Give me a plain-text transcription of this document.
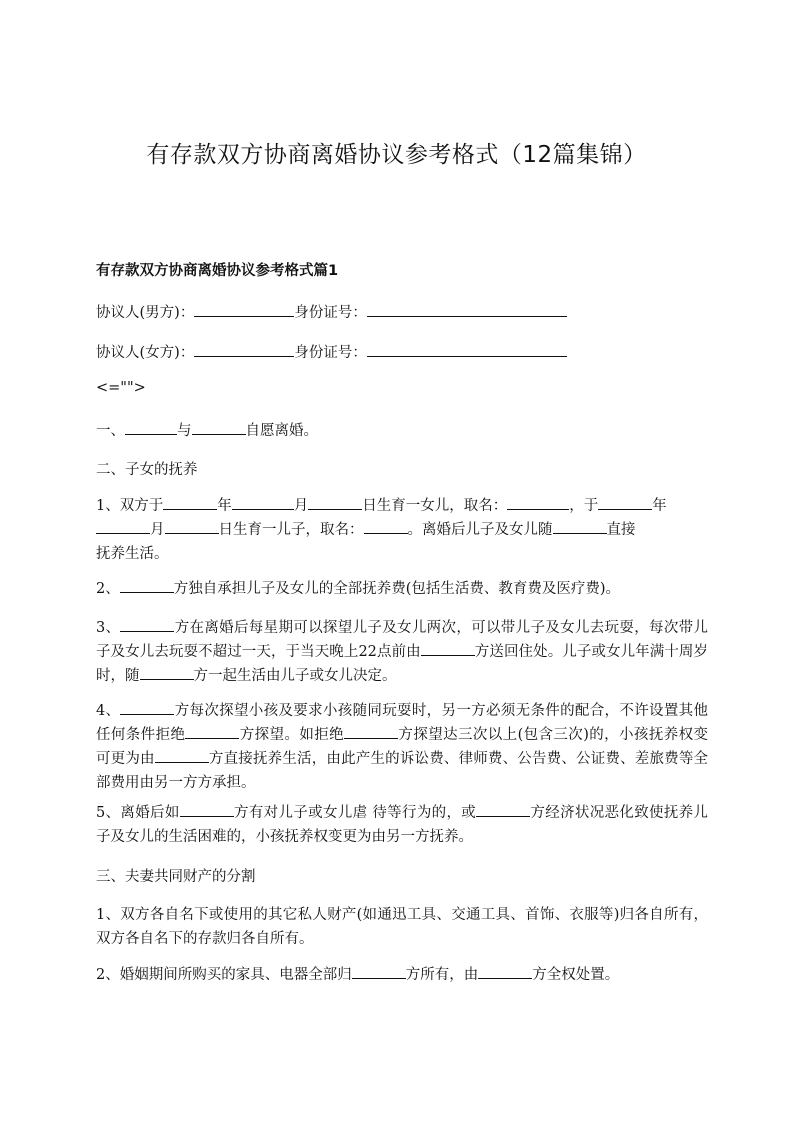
有存款双方协商离婚协议参考格式（12篇集锦）
有存款双方协商离婚协议参考格式篇1
协议人(男方)：	身份证号：
协议人(女方)：	身份证号：
<="">
一、	与	自愿离婚。
二、子女的抚养
1、双方于	年	月	日生育一女儿，取名：	，于	年
月	日生育一儿子，取名：	。离婚后儿子及女儿随	直接
抚养生活。
2、	方独自承担儿子及女儿的全部抚养费(包括生活费、教育费及医疗费)。
3、	方在离婚后每星期可以探望儿子及女儿两次，可以带儿子及女儿去玩耍，每次带儿子及女儿去玩耍不超过一天，于当天晚上22点前由	方送回住处。儿子或女儿年满十周岁时，随	方一起生活由儿子或女儿决定。
4、	方每次探望小孩及要求小孩随同玩耍时，另一方必须无条件的配合，不许设置其他任何条件拒绝	方探望。如拒绝	方探望达三次以上(包含三次)的，小孩抚养权变可更为由	方直接抚养生活，由此产生的诉讼费、律师费、公告费、公证费、差旅费等全部费用由另一方方承担。
5、离婚后如	方有对儿子或女儿虐 待等行为的，或	方经济状况恶化致使抚养儿子及女儿的生活困难的，小孩抚养权变更为由另一方抚养。
三、夫妻共同财产的分割
1、双方各自名下或使用的其它私人财产(如通迅工具、交通工具、首饰、衣服等)归各自所有，双方各自名下的存款归各自所有。
2、婚姻期间所购买的家具、电器全部归	方所有，由	方全权处置。
